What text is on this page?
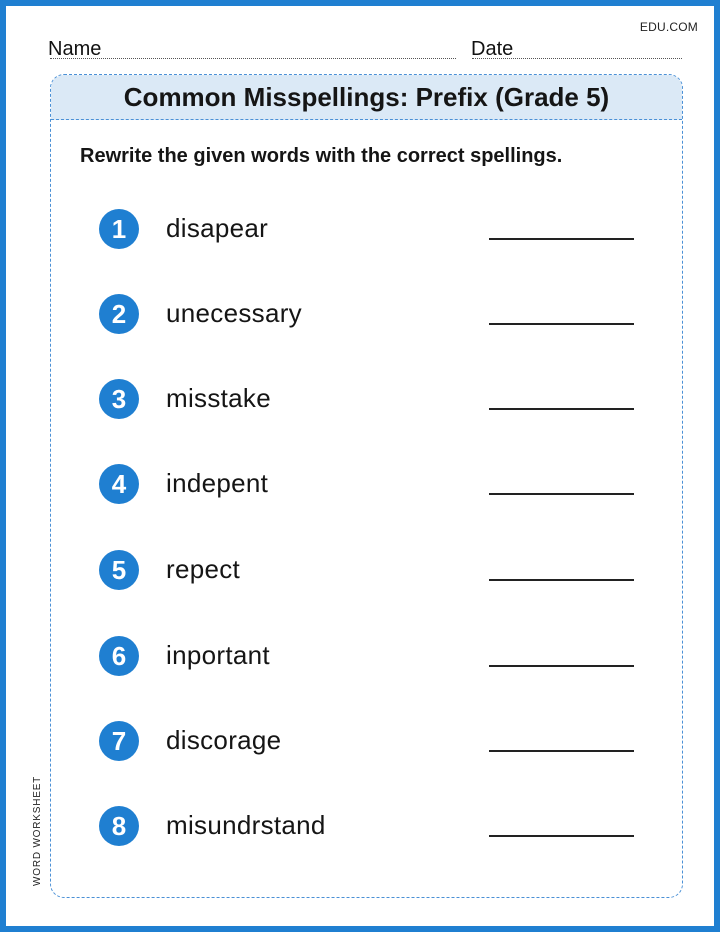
EDU.COM
Name	Date
Common Misspellings: Prefix (Grade 5)
Rewrite the given words with the correct spellings.
1	disapear
2	unecessary
3	misstake
4	indepent
5	repect
6	inportant
7	discorage
8	misundrstand
WORD WORKSHEET
